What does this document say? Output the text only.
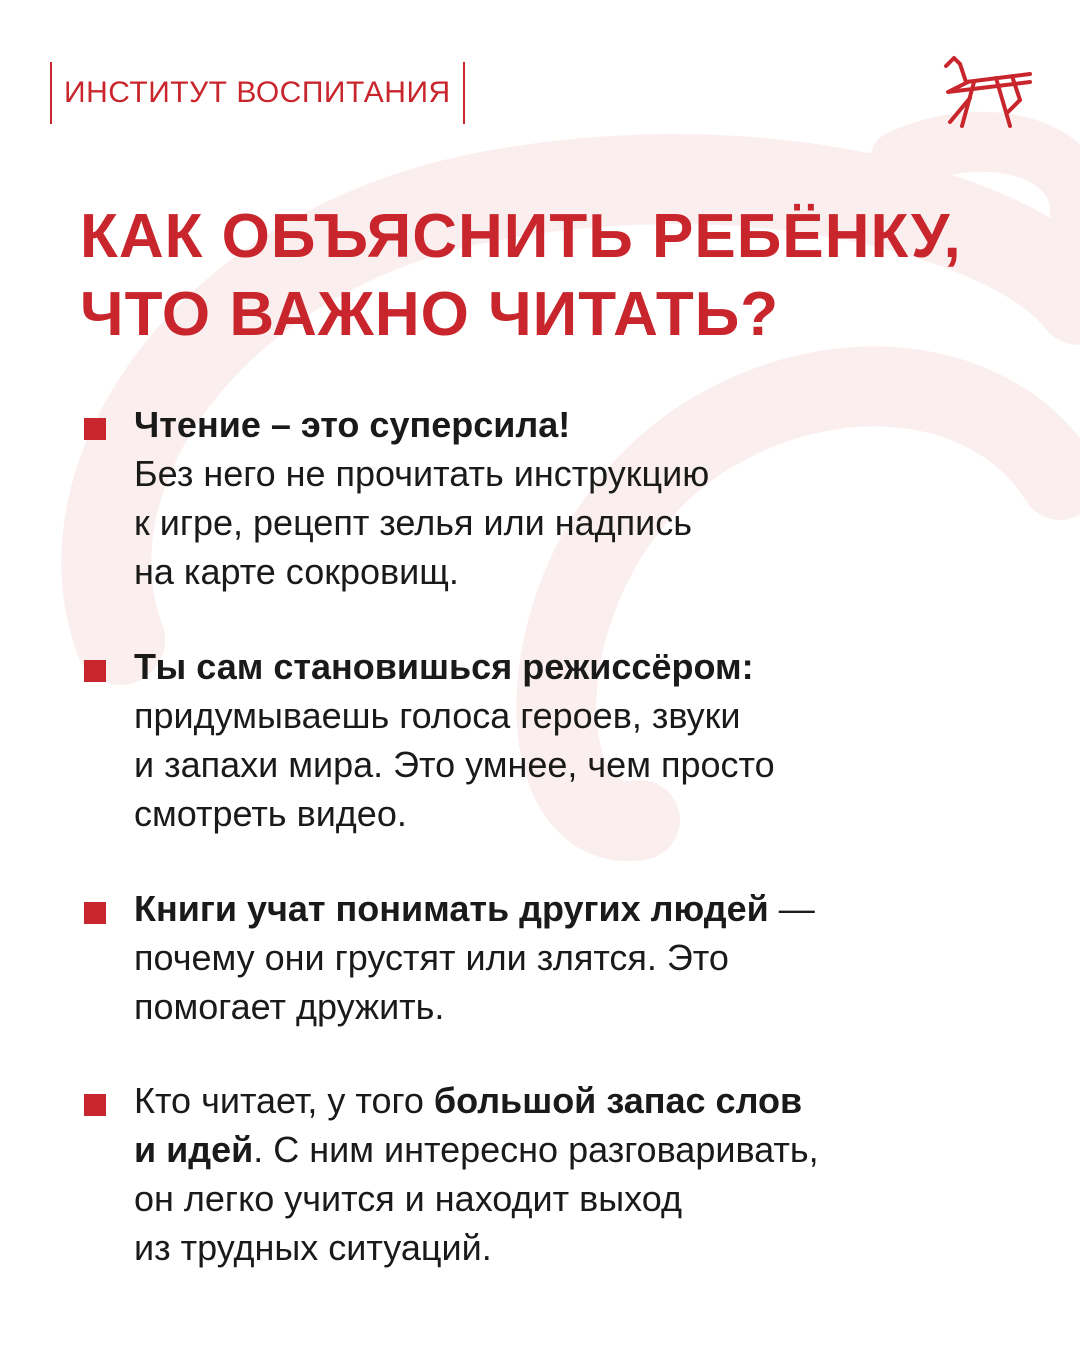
ИНСТИТУТ ВОСПИТАНИЯ
КАК ОБЪЯСНИТЬ РЕБЁНКУ,
ЧТО ВАЖНО ЧИТАТЬ?
Чтение – это суперсила!
Без него не прочитать инструкцию
к игре, рецепт зелья или надпись
на карте сокровищ.
Ты сам становишься режиссёром:
придумываешь голоса героев, звуки
и запахи мира. Это умнее, чем просто
смотреть видео.
Книги учат понимать других людей —
почему они грустят или злятся. Это
помогает дружить.
Кто читает, у того большой запас слов
и идей. С ним интересно разговаривать,
он легко учится и находит выход
из трудных ситуаций.
